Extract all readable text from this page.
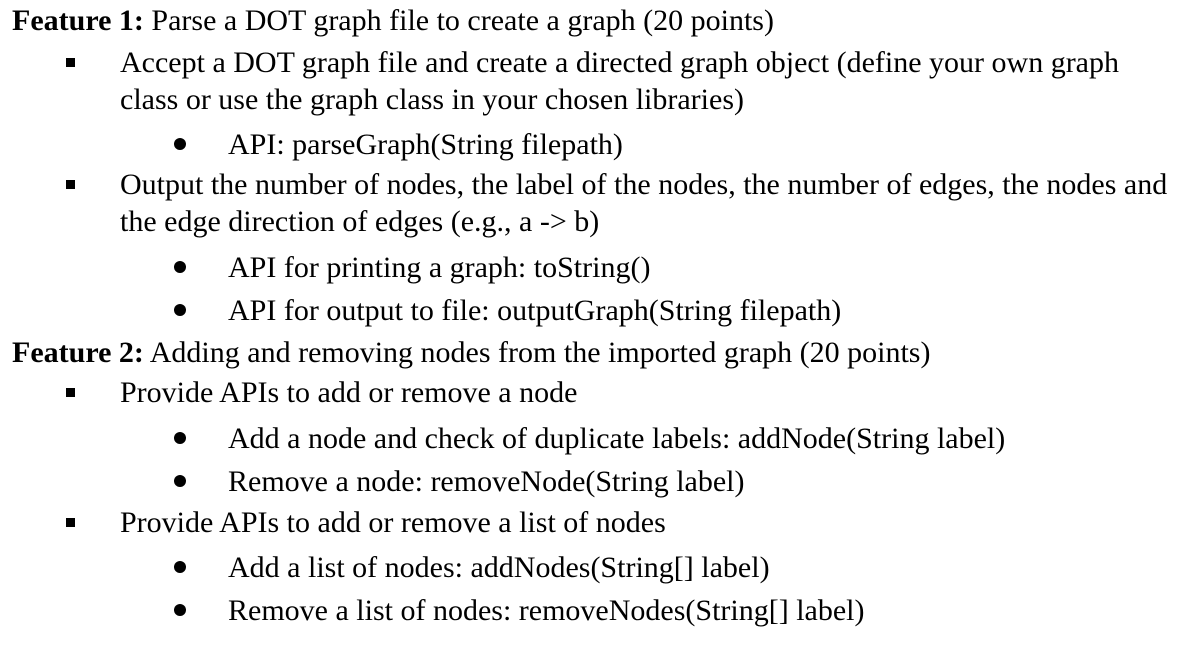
Feature 1: Parse a DOT graph file to create a graph (20 points)
Accept a DOT graph file and create a directed graph object (define your own graph class or use the graph class in your chosen libraries)
API: parseGraph(String filepath)
Output the number of nodes, the label of the nodes, the number of edges, the nodes and the edge direction of edges (e.g., a -> b)
API for printing a graph: toString()
API for output to file: outputGraph(String filepath)
Feature 2: Adding and removing nodes from the imported graph (20 points)
Provide APIs to add or remove a node
Add a node and check of duplicate labels: addNode(String label)
Remove a node: removeNode(String label)
Provide APIs to add or remove a list of nodes
Add a list of nodes: addNodes(String[] label)
Remove a list of nodes: removeNodes(String[] label)
